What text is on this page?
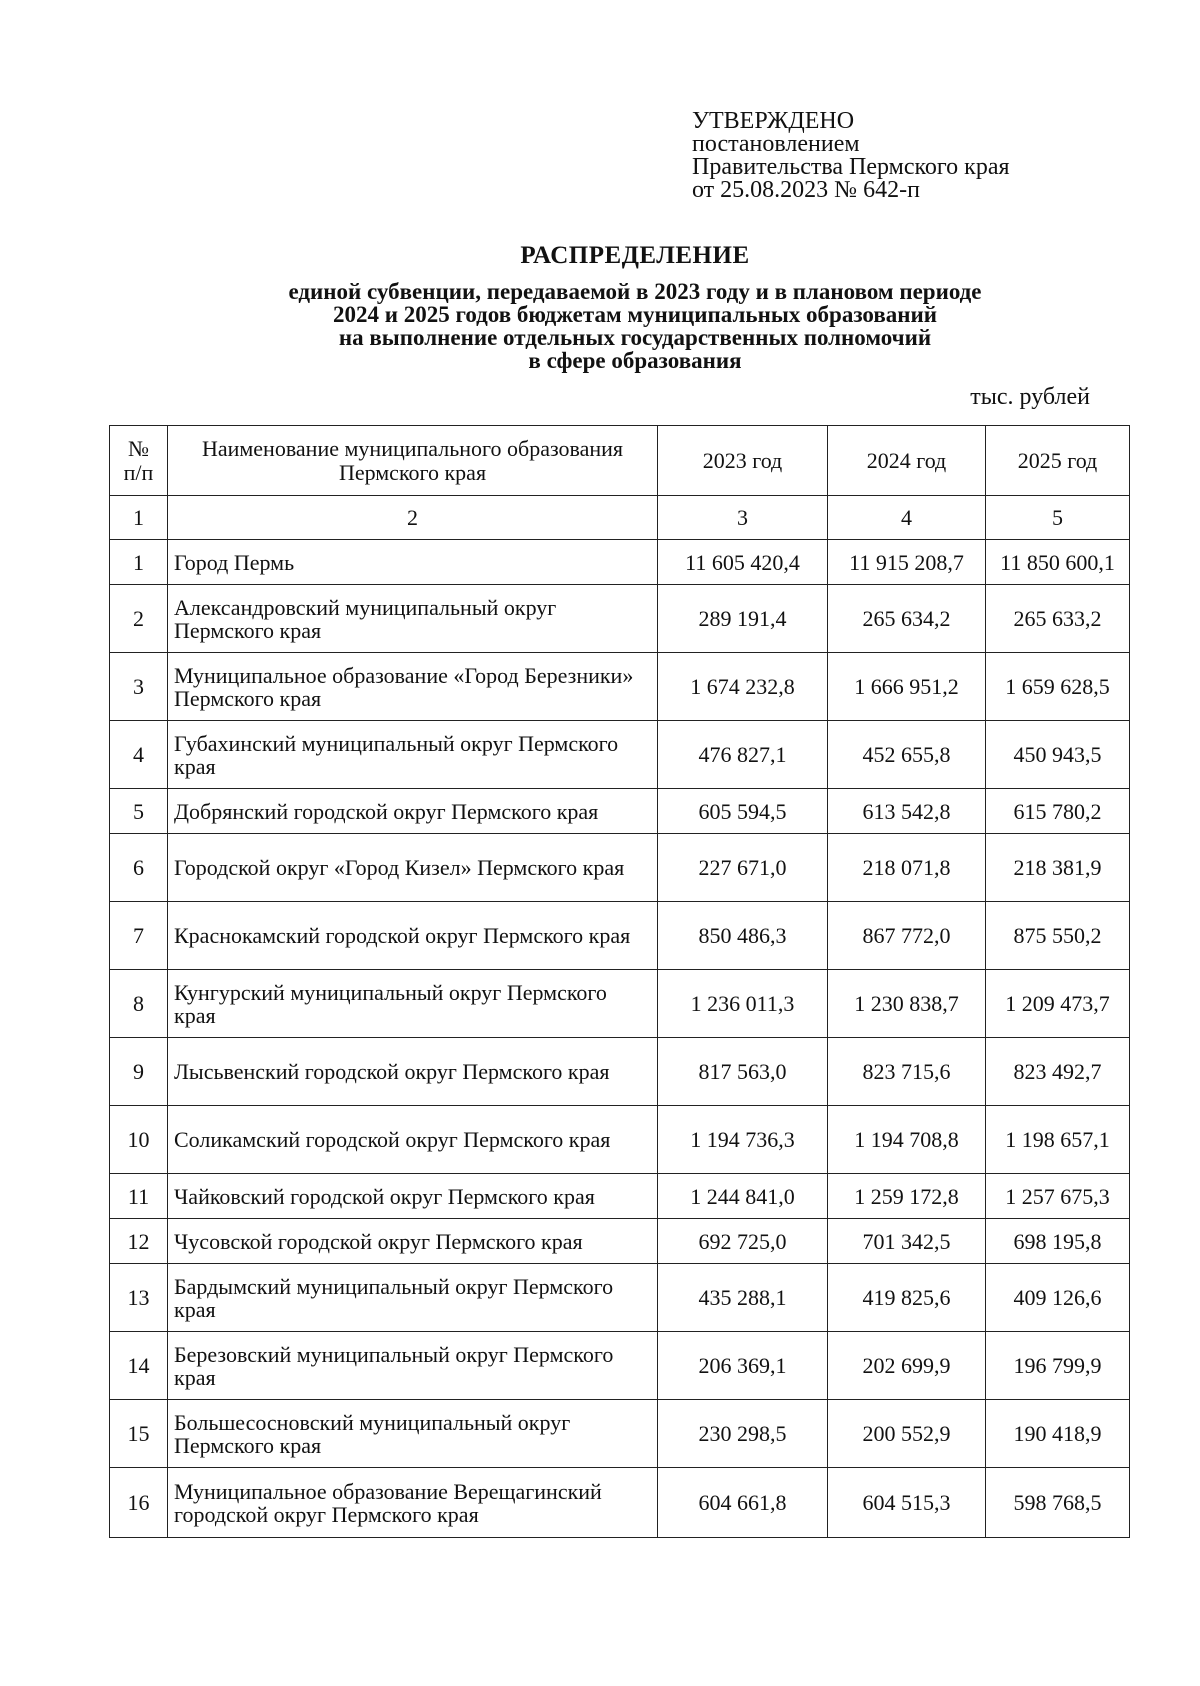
УТВЕРЖДЕНО
постановлением
Правительства Пермского края
от 25.08.2023 № 642-п
РАСПРЕДЕЛЕНИЕ
единой субвенции, передаваемой в 2023 году и в плановом периоде
2024 и 2025 годов бюджетам муниципальных образований
на выполнение отдельных государственных полномочий
в сфере образования
тыс. рублей
№
п/п	Наименование муниципального образования Пермского края	2023 год	2024 год	2025 год
1	2	3	4	5
1	Город Пермь	11 605 420,4	11 915 208,7	11 850 600,1
2	Александровский муниципальный округ Пермского края	289 191,4	265 634,2	265 633,2
3	Муниципальное образование «Город Березники» Пермского края	1 674 232,8	1 666 951,2	1 659 628,5
4	Губахинский муниципальный округ Пермского края	476 827,1	452 655,8	450 943,5
5	Добрянский городской округ Пермского края	605 594,5	613 542,8	615 780,2
6	Городской округ «Город Кизел» Пермского края	227 671,0	218 071,8	218 381,9
7	Краснокамский городской округ Пермского края	850 486,3	867 772,0	875 550,2
8	Кунгурский муниципальный округ Пермского края	1 236 011,3	1 230 838,7	1 209 473,7
9	Лысьвенский городской округ Пермского края	817 563,0	823 715,6	823 492,7
10	Соликамский городской округ Пермского края	1 194 736,3	1 194 708,8	1 198 657,1
11	Чайковский городской округ Пермского края	1 244 841,0	1 259 172,8	1 257 675,3
12	Чусовской городской округ Пермского края	692 725,0	701 342,5	698 195,8
13	Бардымский муниципальный округ Пермского края	435 288,1	419 825,6	409 126,6
14	Березовский муниципальный округ Пермского края	206 369,1	202 699,9	196 799,9
15	Большесосновский муниципальный округ Пермского края	230 298,5	200 552,9	190 418,9
16	Муниципальное образование Верещагинский городской округ Пермского края	604 661,8	604 515,3	598 768,5
